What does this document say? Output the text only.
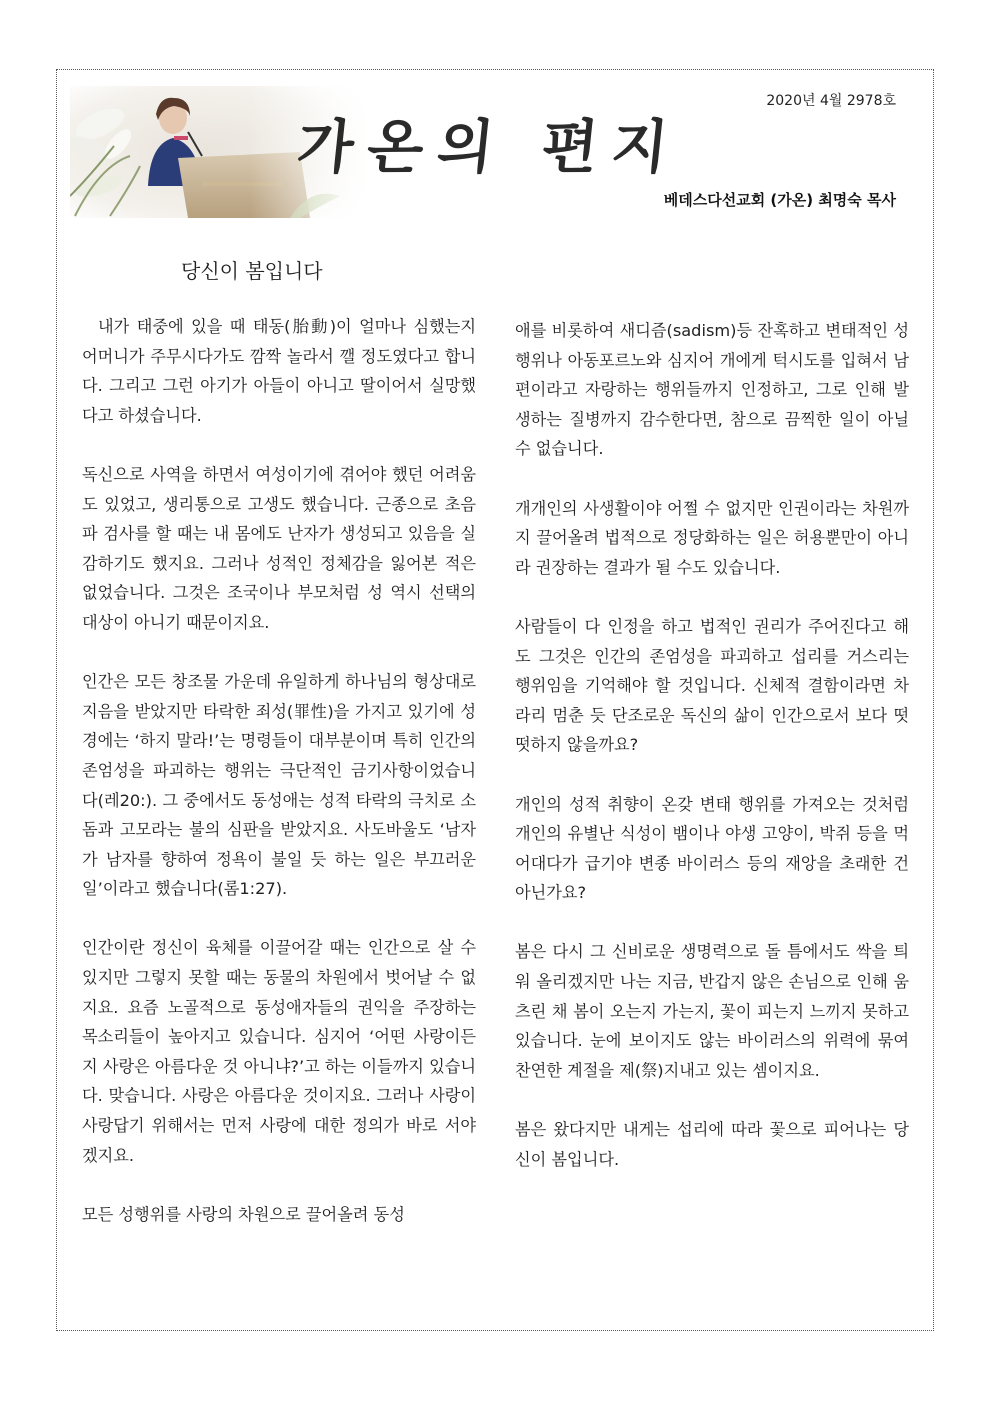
가온의 편지
2020년 4월 2978호
베데스다선교회 (가온) 최명숙 목사
당신이 봄입니다

내가 태중에 있을 때 태동(胎動)이 얼마나 심했는지 어머니가 주무시다가도 깜짝 놀라서 깰 정도였다고 합니다. 그리고 그런 아기가 아들이 아니고 딸이어서 실망했다고 하셨습니다.

독신으로 사역을 하면서 여성이기에 겪어야 했던 어려움도 있었고, 생리통으로 고생도 했습니다. 근종으로 초음파 검사를 할 때는 내 몸에도 난자가 생성되고 있음을 실감하기도 했지요. 그러나 성적인 정체감을 잃어본 적은 없었습니다. 그것은 조국이나 부모처럼 성 역시 선택의 대상이 아니기 때문이지요.

인간은 모든 창조물 가운데 유일하게 하나님의 형상대로 지음을 받았지만 타락한 죄성(罪性)을 가지고 있기에 성경에는 ‘하지 말라!’는 명령들이 대부분이며 특히 인간의 존엄성을 파괴하는 행위는 극단적인 금기사항이었습니다(레20:). 그 중에서도 동성애는 성적 타락의 극치로 소돔과 고모라는 불의 심판을 받았지요. 사도바울도 ‘남자가 남자를 향하여 정욕이 불일 듯 하는 일은 부끄러운 일’이라고 했습니다(롬1:27).

인간이란 정신이 육체를 이끌어갈 때는 인간으로 살 수 있지만 그렇지 못할 때는 동물의 차원에서 벗어날 수 없지요. 요즘 노골적으로 동성애자들의 권익을 주장하는 목소리들이 높아지고 있습니다. 심지어 ‘어떤 사랑이든지 사랑은 아름다운 것 아니냐?’고 하는 이들까지 있습니다. 맞습니다. 사랑은 아름다운 것이지요. 그러나 사랑이 사랑답기 위해서는 먼저 사랑에 대한 정의가 바로 서야겠지요.

모든 성행위를 사랑의 차원으로 끌어올려 동성

애를 비롯하여 새디즘(sadism)등 잔혹하고 변태적인 성행위나 아동포르노와 심지어 개에게 턱시도를 입혀서 남편이라고 자랑하는 행위들까지 인정하고, 그로 인해 발생하는 질병까지 감수한다면, 참으로 끔찍한 일이 아닐 수 없습니다.

개개인의 사생활이야 어쩔 수 없지만 인권이라는 차원까지 끌어올려 법적으로 정당화하는 일은 허용뿐만이 아니라 권장하는 결과가 될 수도 있습니다.

사람들이 다 인정을 하고 법적인 권리가 주어진다고 해도 그것은 인간의 존엄성을 파괴하고 섭리를 거스리는 행위임을 기억해야 할 것입니다. 신체적 결함이라면 차라리 멈춘 듯 단조로운 독신의 삶이 인간으로서 보다 떳떳하지 않을까요?

개인의 성적 취향이 온갖 변태 행위를 가져오는 것처럼 개인의 유별난 식성이 뱀이나 야생 고양이, 박쥐 등을 먹어대다가 급기야 변종 바이러스 등의 재앙을 초래한 건 아닌가요?

봄은 다시 그 신비로운 생명력으로 돌 틈에서도 싹을 틔워 올리겠지만 나는 지금, 반갑지 않은 손님으로 인해 움츠린 채 봄이 오는지 가는지, 꽃이 피는지 느끼지 못하고 있습니다. 눈에 보이지도 않는 바이러스의 위력에 묶여 찬연한 계절을 제(祭)지내고 있는 셈이지요.

봄은 왔다지만 내게는 섭리에 따라 꽃으로 피어나는 당신이 봄입니다.
